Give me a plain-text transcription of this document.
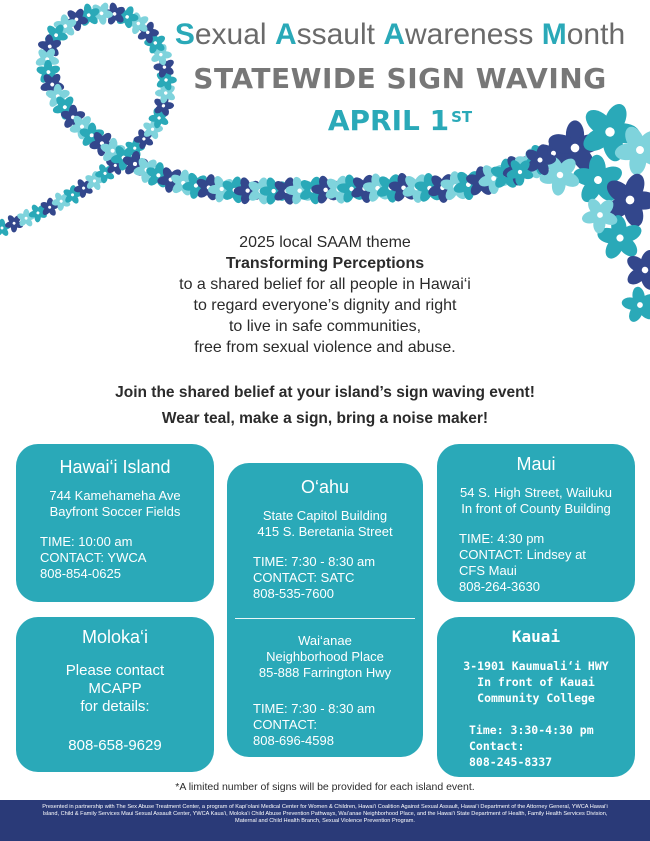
Sexual Assault Awareness Month
STATEWIDE SIGN WAVING
APRIL 1 $^{ST}$
2025 local SAAM theme
Transforming Perceptions
to a shared belief for all people in Hawai‘i
to regard everyone’s dignity and right
to live in safe communities,
free from sexual violence and abuse.
Join the shared belief at your island’s sign waving event!
Wear teal, make a sign, bring a noise maker!
Hawai‘i Island
744 Kamehameha Ave
Bayfront Soccer Fields
TIME: 10:00 am
CONTACT: YWCA
808-854-0625
Moloka‘i
Please contact
MCAPP
for details:
808-658-9629
O‘ahu
State Capitol Building
415 S. Beretania Street
TIME: 7:30 - 8:30 am
CONTACT: SATC
808-535-7600
Wai‘anae
Neighborhood Place
85-888 Farrington Hwy
TIME: 7:30 - 8:30 am
CONTACT:
808-696-4598
Maui
54 S. High Street, Wailuku
In front of County Building
TIME: 4:30 pm
CONTACT: Lindsey at
CFS Maui
808-264-3630
Kauai
3-1901 Kaumuali‘i HWY
In front of Kauai
Community College
Time: 3:30-4:30 pm
Contact:
808-245-8337
*A limited number of signs will be provided for each island event.
Presented in partnership with The Sex Abuse Treatment Center, a program of Kapi‘olani Medical Center for Women & Children, Hawai‘i Coalition Against Sexual Assault, Hawai‘i Department of the Attorney General, YWCA Hawai‘i Island, Child & Family Services Maui Sexual Assault Center, YWCA Kaua‘i, Moloka‘i Child Abuse Prevention Pathways, Wai‘anae Neighborhood Place, and the Hawai‘i State Department of Health, Family Health Services Division, Maternal and Child Health Branch, Sexual Violence Prevention Program.
